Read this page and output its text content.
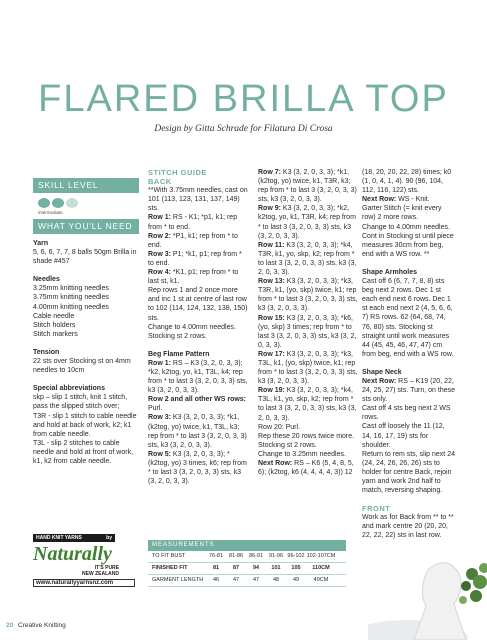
FLARED BRILLA TOP
Design by Gitta Schrade for Filatura Di Crosa
SKILL LEVEL
intermediate
WHAT YOU'LL NEED
Yarn
5, 6, 6, 7, 7, 8 balls 50gm Brilla in shade #457
Needles
3.25mm knitting needles
3.75mm knitting needles
4.00mm knitting needles
Cable needle
Stitch holders
Stitch markers
Tension
22 sts over Stocking st on 4mm needles to 10cm
Special abbreviations
skp – slip 1 stitch, knit 1 stitch, pass the slipped stitch over;
T3R - slip 1 stitch to cable needle and hold at back of work, k2; k1 from cable needle.
T3L - slip 2 stitches to cable needle and hold at front of work, k1, k2 from cable needle.
HAND KNIT YARNS	by
Naturally
IT'S PURE
NEW ZEALAND
www.naturallyyarnsnz.com

STITCH GUIDE

BACK

**With 3.75mm needles, cast on 101 (113, 123, 131, 137, 149) sts.

Row 1: RS - K1; *p1, k1; rep from * to end.

Row 2: *P1, k1; rep from * to end.

Row 3: P1; *k1, p1; rep from * to end.

Row 4: *K1, p1; rep from * to last st, k1.

Rep rows 1 and 2 once more and inc 1 st at centre of last row to 102 (114, 124, 132, 138, 150) sts.

Change to 4.00mm needles. Stocking st 2 rows.

Beg Flame Pattern

Row 1: RS – K3 (3, 2, 0, 3, 3); *k2, k2tog, yo, k1, T3L, k4; rep from * to last 3 (3, 2, 0, 3, 3) sts, k3 (3, 2, 0, 3, 3).

Row 2 and all other WS rows: Purl.

Row 3: K3 (3, 2, 0, 3, 3); *k1, (k2tog, yo) twice, k1, T3L, k3; rep from * to last 3 (3, 2, 0, 3, 3) sts, k3 (3, 2, 0, 3, 3).

Row 5: K3 (3, 2, 0, 3, 3); *(k2tog, yo) 3 times, k6; rep from * to last 3 (3, 2, 0, 3, 3) sts, k3 (3, 2, 0, 3, 3).

Row 7: K3 (3, 2, 0, 3, 3); *k1, (k2tog, yo) twice, k1, T3R, k3; rep from * to last 3 (3, 2, 0, 3, 3) sts, k3 (3, 2, 0, 3, 3).

Row 9: K3 (3, 2, 0, 3, 3); *k2, k2tog, yo, k1, T3R, k4; rep from * to last 3 (3, 2, 0, 3, 3) sts, k3 (3, 2, 0, 3, 3).

Row 11: K3 (3, 2, 0, 3, 3); *k4, T3R, k1, yo, skp, k2; rep from * to last 3 (3, 2, 0, 3, 3) sts, k3 (3, 2, 0, 3, 3).

Row 13: K3 (3, 2, 0, 3, 3); *k3, T3R, k1, (yo, skp) twice, k1; rep from * to last 3 (3, 2, 0, 3, 3) sts, k3 (3, 2, 0, 3, 3).

Row 15: K3 (3, 2, 0, 3, 3); *k6, (yo, skp) 3 times; rep from * to last 3 (3, 2, 0, 3, 3) sts, k3 (3, 2, 0, 3, 3).

Row 17: K3 (3, 2, 0, 3, 3); *k3, T3L, k1, (yo, skp) twice, k1; rep from * to last 3 (3, 2, 0, 3, 3) sts, k3 (3, 2, 0, 3, 3).

Row 19: K3 (3, 2, 0, 3, 3); *k4, T3L, k1, yo, skp, k2; rep from * to last 3 (3, 2, 0, 3, 3) sts, k3 (3, 2, 0, 3, 3).

Row 20: Purl.

Rep these 20 rows twice more.

Stocking st 2 rows.

Change to 3.25mm needles.

Next Row: RS – K6 (5, 4, 8, 5, 6); (k2tog, k6 (4, 4, 4, 4, 3)) 12

(18, 20, 20, 22, 28) times; k0 (1, 0, 4, 1, 4). 90 (96, 104, 112, 116, 122) sts.

Next Row: WS - Knit.

Garter Stitch (= knit every row) 2 more rows.

Change to 4.00mm needles. Cont in Stocking st until piece measures 30cm from beg, end with a WS row. **

Shape Armholes

Cast off 6 (6, 7, 7, 8, 8) sts beg next 2 rows. Dec 1 st each end next 6 rows. Dec 1 st each end next 2 (4, 5, 6, 6, 7) RS rows. 62 (64, 68, 74, 76, 80) sts. Stocking st straight until work measures 44 (45, 45, 46, 47, 47) cm from beg, end with a WS row.

Shape Neck

Next Row: RS – K19 (20, 22, 24, 25, 27) sts. Turn, on these sts only.

Cast off 4 sts beg next 2 WS rows.

Cast off loosely the 11 (12, 14, 16, 17, 19) sts for shoulder.

Return to rem sts, slip next 24 (24, 24, 26, 26, 26) sts to holder for centre Back, rejoin yarn and work 2nd half to match, reversing shaping.

FRONT

Work as for Back from ** to ** and mark centre 20 (20, 20, 22, 22, 22) sts in last row.

MEASUREMENTS
TO FIT BUST	76-81	81-86	86-91	91-96 96-102 102-107CM
FINISHED FIT	81	87	94	101	105	110CM
GARMENT LENGTH	46	47	47	48	49	49CM
20 Creative Knitting
